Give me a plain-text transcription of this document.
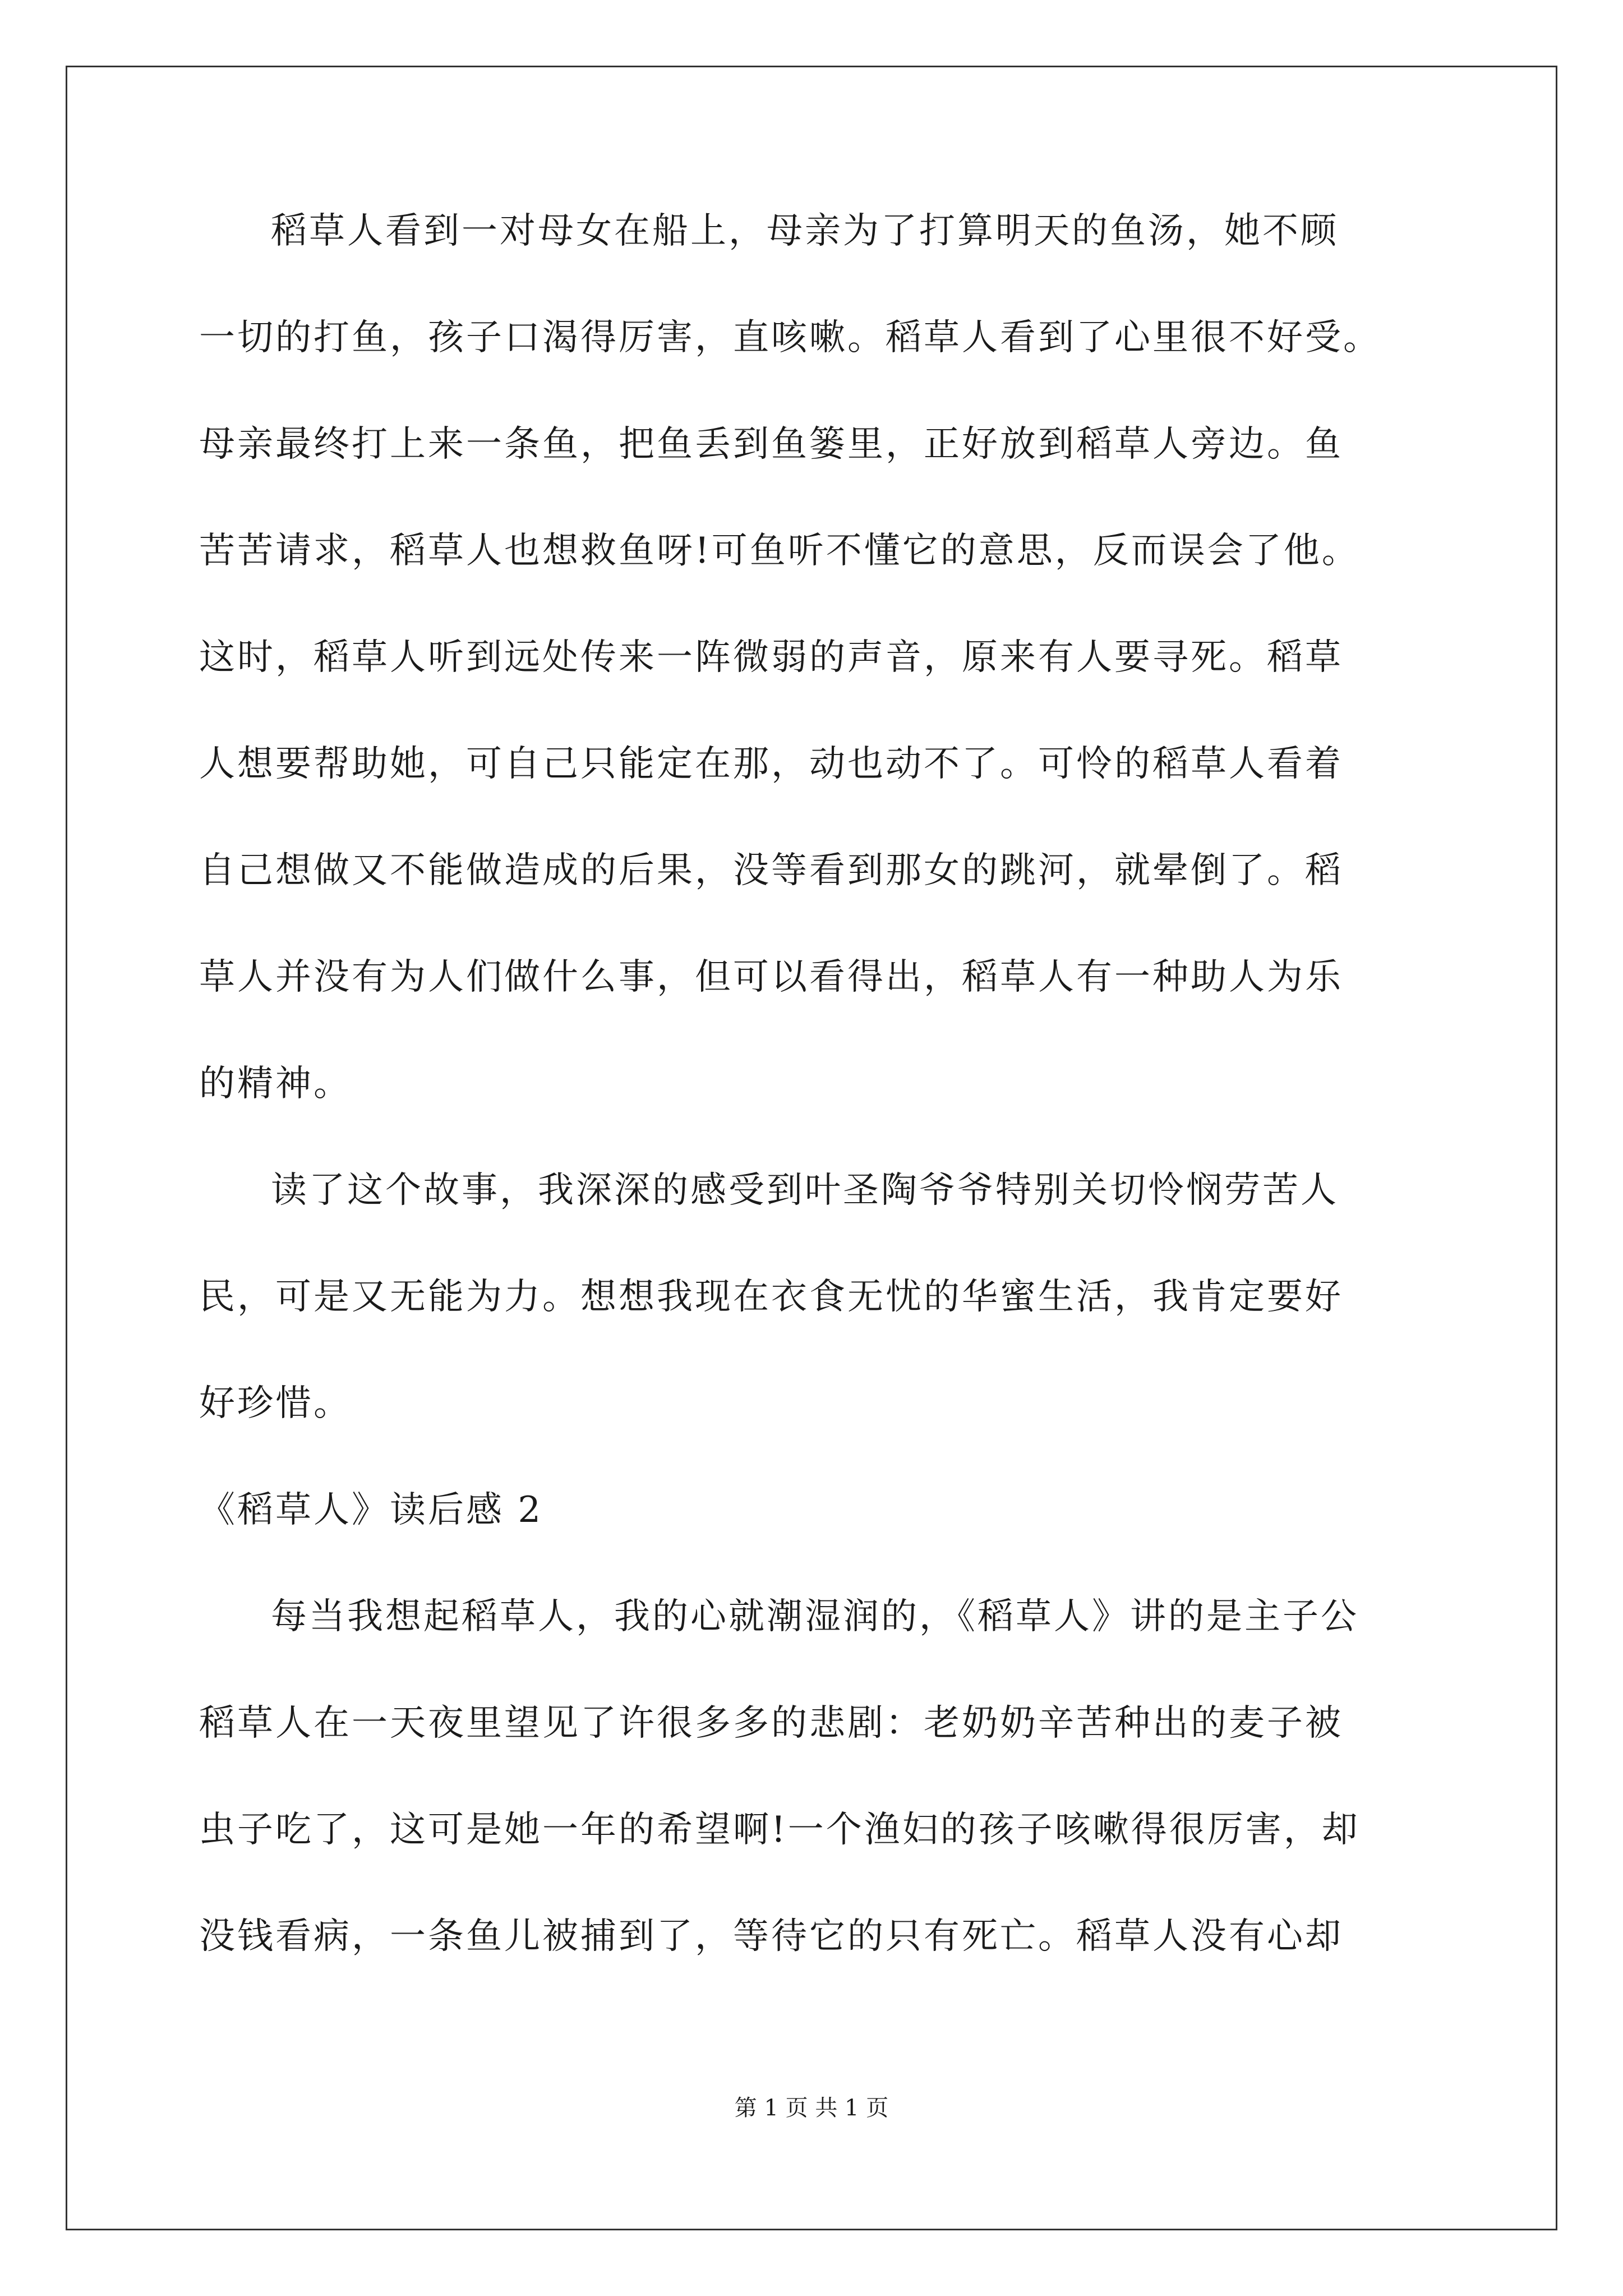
稻草人看到一对母女在船上，母亲为了打算明天的鱼汤，她不顾
一切的打鱼，孩子口渴得厉害，直咳嗽。稻草人看到了心里很不好受。
母亲最终打上来一条鱼，把鱼丢到鱼篓里，正好放到稻草人旁边。鱼
苦苦请求，稻草人也想救鱼呀!可鱼听不懂它的意思，反而误会了他。
这时，稻草人听到远处传来一阵微弱的声音，原来有人要寻死。稻草
人想要帮助她，可自己只能定在那，动也动不了。可怜的稻草人看着
自己想做又不能做造成的后果，没等看到那女的跳河，就晕倒了。稻
草人并没有为人们做什么事，但可以看得出，稻草人有一种助人为乐
的精神。
读了这个故事，我深深的感受到叶圣陶爷爷特别关切怜悯劳苦人
民，可是又无能为力。想想我现在衣食无忧的华蜜生活，我肯定要好
好珍惜。
《稻草人》读后感 2
每当我想起稻草人，我的心就潮湿润的，《稻草人》讲的是主子公
稻草人在一天夜里望见了许很多多的悲剧：老奶奶辛苦种出的麦子被
虫子吃了，这可是她一年的希望啊!一个渔妇的孩子咳嗽得很厉害，却
没钱看病，一条鱼儿被捕到了，等待它的只有死亡。稻草人没有心却
第 1 页 共 1 页
